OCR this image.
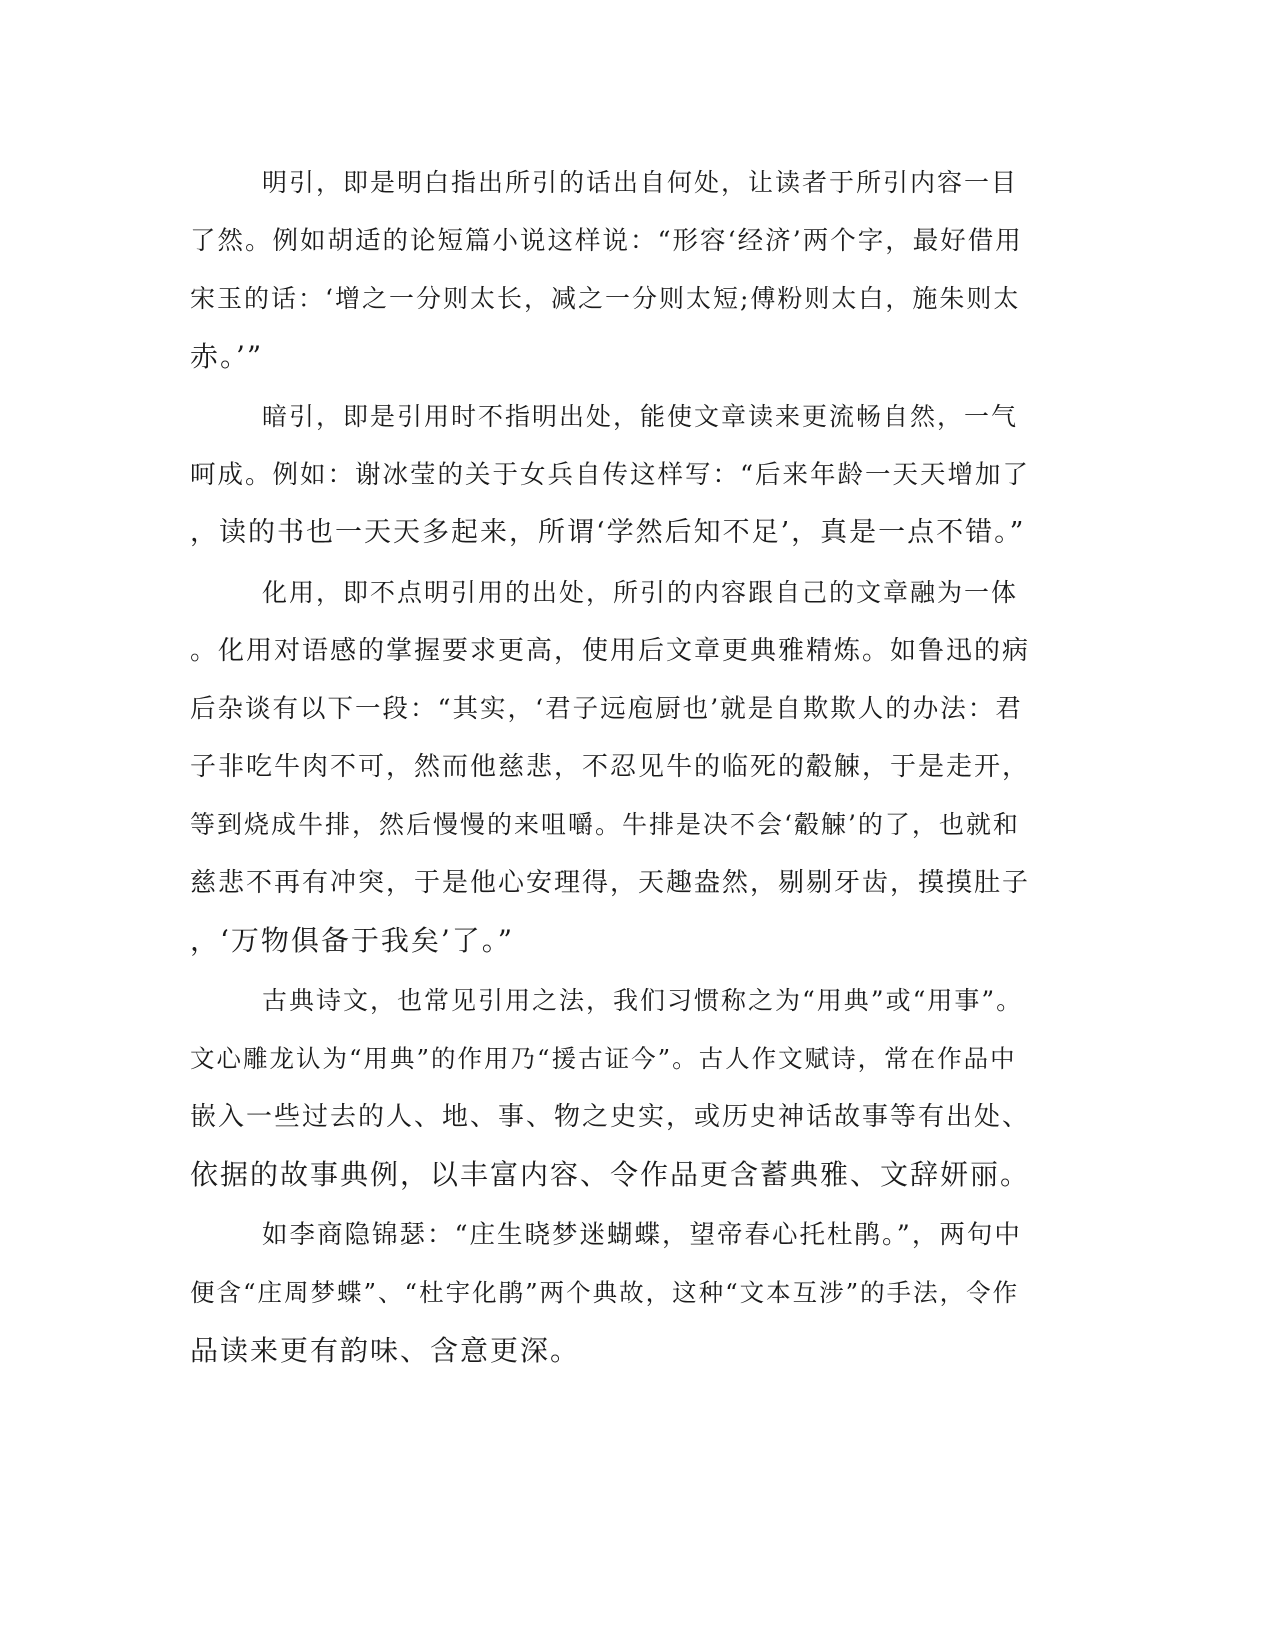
明引，即是明白指出所引的话出自何处，让读者于所引内容一目
了然。例如胡适的论短篇小说这样说：“形容‘经济’两个字，最好借用
宋玉的话：‘增之一分则太长，减之一分则太短;傅粉则太白，施朱则太
赤。’”
暗引，即是引用时不指明出处，能使文章读来更流畅自然，一气
呵成。例如：谢冰莹的关于女兵自传这样写：“后来年龄一天天增加了
，读的书也一天天多起来，所谓‘学然后知不足’，真是一点不错。”
化用，即不点明引用的出处，所引的内容跟自己的文章融为一体
。化用对语感的掌握要求更高，使用后文章更典雅精炼。如鲁迅的病
后杂谈有以下一段：“其实，‘君子远庖厨也’就是自欺欺人的办法：君
子非吃牛肉不可，然而他慈悲，不忍见牛的临死的觳觫，于是走开，
等到烧成牛排，然后慢慢的来咀嚼。牛排是决不会‘觳觫’的了，也就和
慈悲不再有冲突，于是他心安理得，天趣盎然，剔剔牙齿，摸摸肚子
，‘万物俱备于我矣’了。”
古典诗文，也常见引用之法，我们习惯称之为“用典”或“用事”。
文心雕龙认为“用典”的作用乃“援古证今”。古人作文赋诗，常在作品中
嵌入一些过去的人、地、事、物之史实，或历史神话故事等有出处、
依据的故事典例，以丰富内容、令作品更含蓄典雅、文辞妍丽。
如李商隐锦瑟：“庄生晓梦迷蝴蝶，望帝春心托杜鹃。”，两句中
便含“庄周梦蝶”、“杜宇化鹃”两个典故，这种“文本互涉”的手法，令作
品读来更有韵味、含意更深。
